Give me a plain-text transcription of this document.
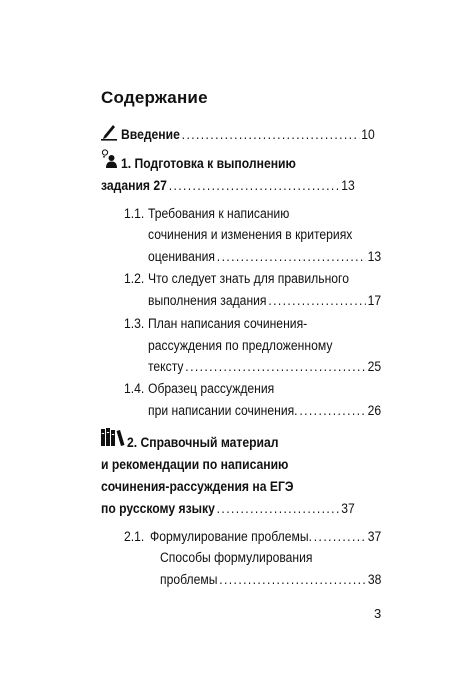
Содержание
Введение . . .	10
1. Подготовка к выполнению
задания 27 . . .	13
1.1. Требования к написанию
сочинения и изменения в критериях
оценивания . . .	13
1.2. Что следует знать для правильного
выполнения задания . . .	17
1.3. План написания сочинения-
рассуждения по предложенному
тексту . . .	25
1.4. Образец рассуждения
при написании сочинения. . . .	26
2. Справочный материал
и рекомендации по написанию
сочинения-рассуждения на ЕГЭ
по русскому языку . . .	37
2.1. Формулирование проблемы. . . .	37
Способы формулирования
проблемы . . .	38
3
